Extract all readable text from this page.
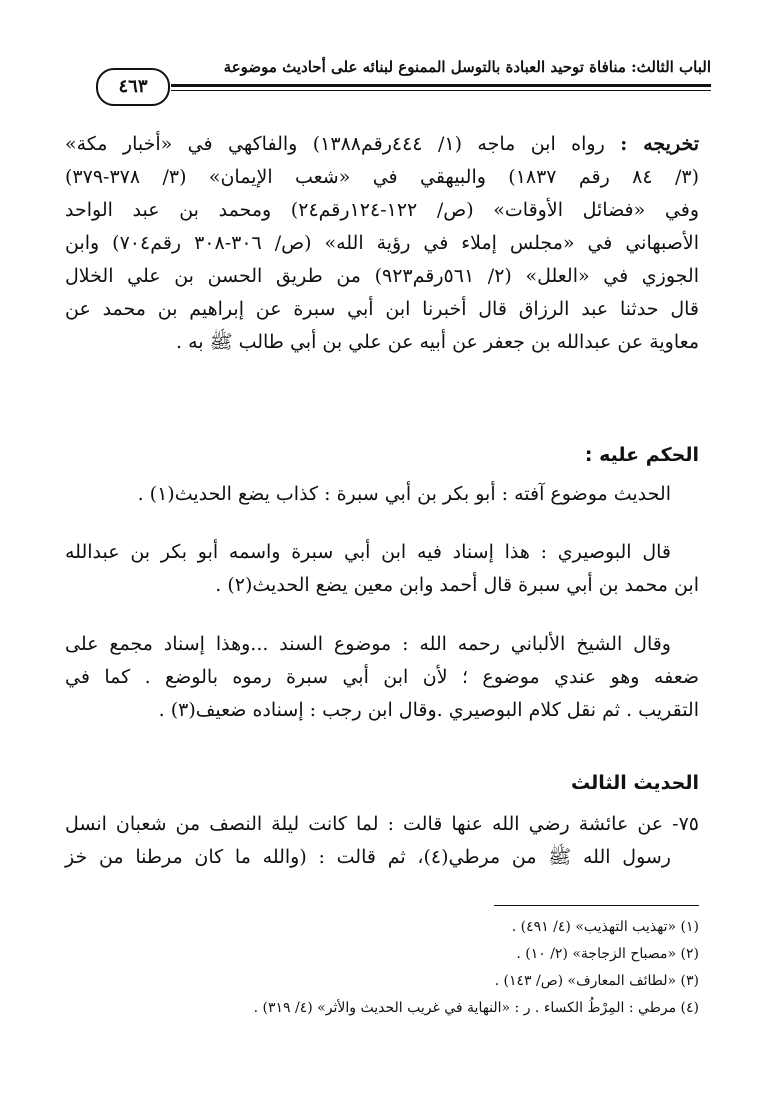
الباب الثالث: منافاة توحيد العبادة بالتوسل الممنوع لبنائه على أحاديث موضوعة
٤٦٣
تخريجه : رواه ابن ماجه (١/ ٤٤٤رقم١٣٨٨) والفاكهي في «أخبار مكة»
(٣/ ٨٤ رقم ١٨٣٧) والبيهقي في «شعب الإيمان» (٣/ ٣٧٨-٣٧٩)
وفي «فضائل الأوقات» (ص/ ١٢٢-١٢٤رقم٢٤) ومحمد بن عبد الواحد
الأصبهاني في «مجلس إملاء في رؤية الله» (ص/ ٣٠٦-٣٠٨ رقم٧٠٤) وابن
الجوزي في «العلل» (٢/ ٥٦١رقم٩٢٣) من طريق الحسن بن علي الخلال
قال حدثنا عبد الرزاق قال أخبرنا ابن أبي سبرة عن إبراهيم بن محمد عن
معاوية عن عبدالله بن جعفر عن أبيه عن علي بن أبي طالب ﷺ به .
الحكم عليه :
الحديث موضوع آفته : أبو بكر بن أبي سبرة : كذاب يضع الحديث(١) .
قال البوصيري : هذا إسناد فيه ابن أبي سبرة واسمه أبو بكر بن عبدالله
ابن محمد بن أبي سبرة قال أحمد وابن معين يضع الحديث(٢) .
وقال الشيخ الألباني رحمه الله : موضوع السند ...وهذا إسناد مجمع على
ضعفه وهو عندي موضوع ؛ لأن ابن أبي سبرة رموه بالوضع . كما في
التقريب . ثم نقل كلام البوصيري .وقال ابن رجب : إسناده ضعيف(٣) .
الحديث الثالث
٧٥- عن عائشة رضي الله عنها قالت : لما كانت ليلة النصف من شعبان انسل
رسول الله ﷺ من مرطي(٤)، ثم قالت : (والله ما كان مرطنا من خز
(١) «تهذيب التهذيب» (٤/ ٤٩١) .
(٢) «مصباح الزجاجة» (٢/ ١٠) .
(٣) «لطائف المعارف» (ص/ ١٤٣) .
(٤) مرطي : المِرْطُ الكساء . ر : «النهاية في غريب الحديث والأثر» (٤/ ٣١٩) .
